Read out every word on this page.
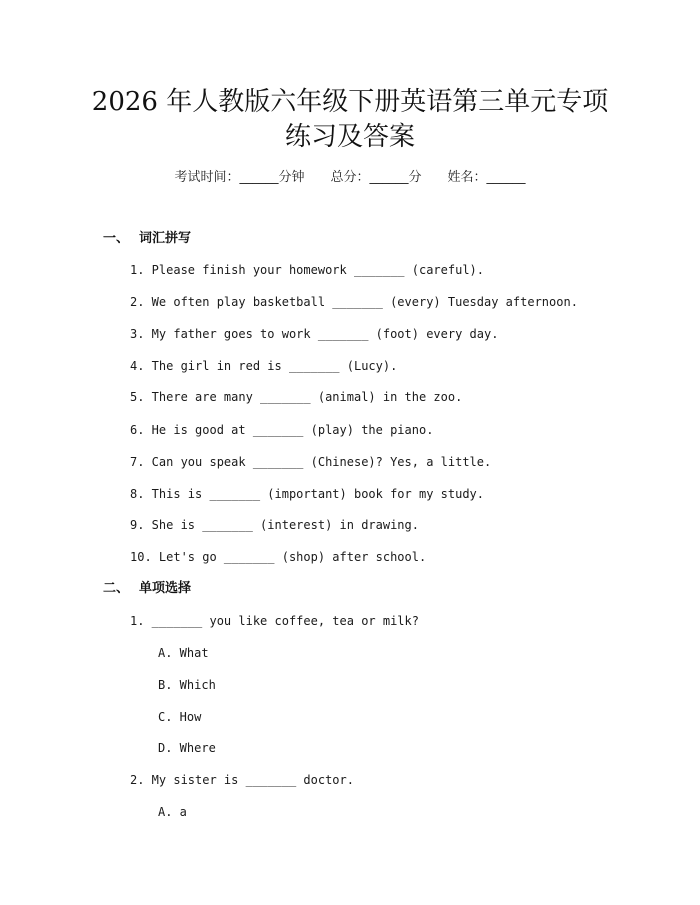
2026 年人教版六年级下册英语第三单元专项
练习及答案
考试时间：______分钟 总分：______分 姓名：______
一、 词汇拼写
1. Please finish your homework _______ (careful).
2. We often play basketball _______ (every) Tuesday afternoon.
3. My father goes to work _______ (foot) every day.
4. The girl in red is _______ (Lucy).
5. There are many _______ (animal) in the zoo.
6. He is good at _______ (play) the piano.
7. Can you speak _______ (Chinese)? Yes, a little.
8. This is _______ (important) book for my study.
9. She is _______ (interest) in drawing.
10. Let's go _______ (shop) after school.
二、 单项选择
1. _______ you like coffee, tea or milk?
A. What
B. Which
C. How
D. Where
2. My sister is _______ doctor.
A. a
